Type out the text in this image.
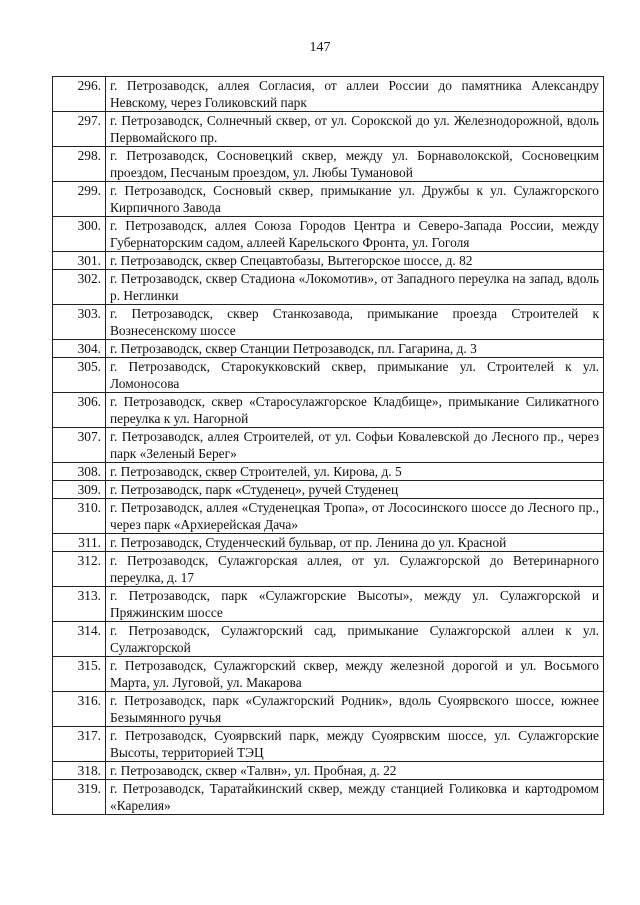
147
296.	г. Петрозаводск, аллея Согласия, от аллеи России до памятника Александру Невскому, через Голиковский парк
297.	г. Петрозаводск, Солнечный сквер, от ул. Сорокской до ул. Железнодорожной, вдоль Первомайского пр.
298.	г. Петрозаводск, Сосновецкий сквер, между ул. Борнаволокской, Сосновецким проездом, Песчаным проездом, ул. Любы Тумановой
299.	г. Петрозаводск, Сосновый сквер, примыкание ул. Дружбы к ул. Сулажгорского Кирпичного Завода
300.	г. Петрозаводск, аллея Союза Городов Центра и Северо-Запада России, между Губернаторским садом, аллеей Карельского Фронта, ул. Гоголя
301.	г. Петрозаводск, сквер Спецавтобазы, Вытегорское шоссе, д. 82
302.	г. Петрозаводск, сквер Стадиона «Локомотив», от Западного переулка на запад, вдоль р. Неглинки
303.	г. Петрозаводск, сквер Станкозавода, примыкание проезда Строителей к Вознесенскому шоссе
304.	г. Петрозаводск, сквер Станции Петрозаводск, пл. Гагарина, д. 3
305.	г. Петрозаводск, Старокукковский сквер, примыкание ул. Строителей к ул. Ломоносова
306.	г. Петрозаводск, сквер «Старосулажгорское Кладбище», примыкание Силикатного переулка к ул. Нагорной
307.	г. Петрозаводск, аллея Строителей, от ул. Софьи Ковалевской до Лесного пр., через парк «Зеленый Берег»
308.	г. Петрозаводск, сквер Строителей, ул. Кирова, д. 5
309.	г. Петрозаводск, парк «Студенец», ручей Студенец
310.	г. Петрозаводск, аллея «Студенецкая Тропа», от Лососинского шоссе до Лесного пр., через парк «Архиерейская Дача»
311.	г. Петрозаводск, Студенческий бульвар, от пр. Ленина до ул. Красной
312.	г. Петрозаводск, Сулажгорская аллея, от ул. Сулажгорской до Ветеринарного переулка, д. 17
313.	г. Петрозаводск, парк «Сулажгорские Высоты», между ул. Сулажгорской и Пряжинским шоссе
314.	г. Петрозаводск, Сулажгорский сад, примыкание Сулажгорской аллеи к ул. Сулажгорской
315.	г. Петрозаводск, Сулажгорский сквер, между железной дорогой и ул. Восьмого Марта, ул. Луговой, ул. Макарова
316.	г. Петрозаводск, парк «Сулажгорский Родник», вдоль Суоярвского шоссе, южнее Безымянного ручья
317.	г. Петрозаводск, Суоярвский парк, между Суоярвским шоссе, ул. Сулажгорские Высоты, территорией ТЭЦ
318.	г. Петрозаводск, сквер «Талвн», ул. Пробная, д. 22
319.	г. Петрозаводск, Таратайкинский сквер, между станцией Голиковка и картодромом «Карелия»
